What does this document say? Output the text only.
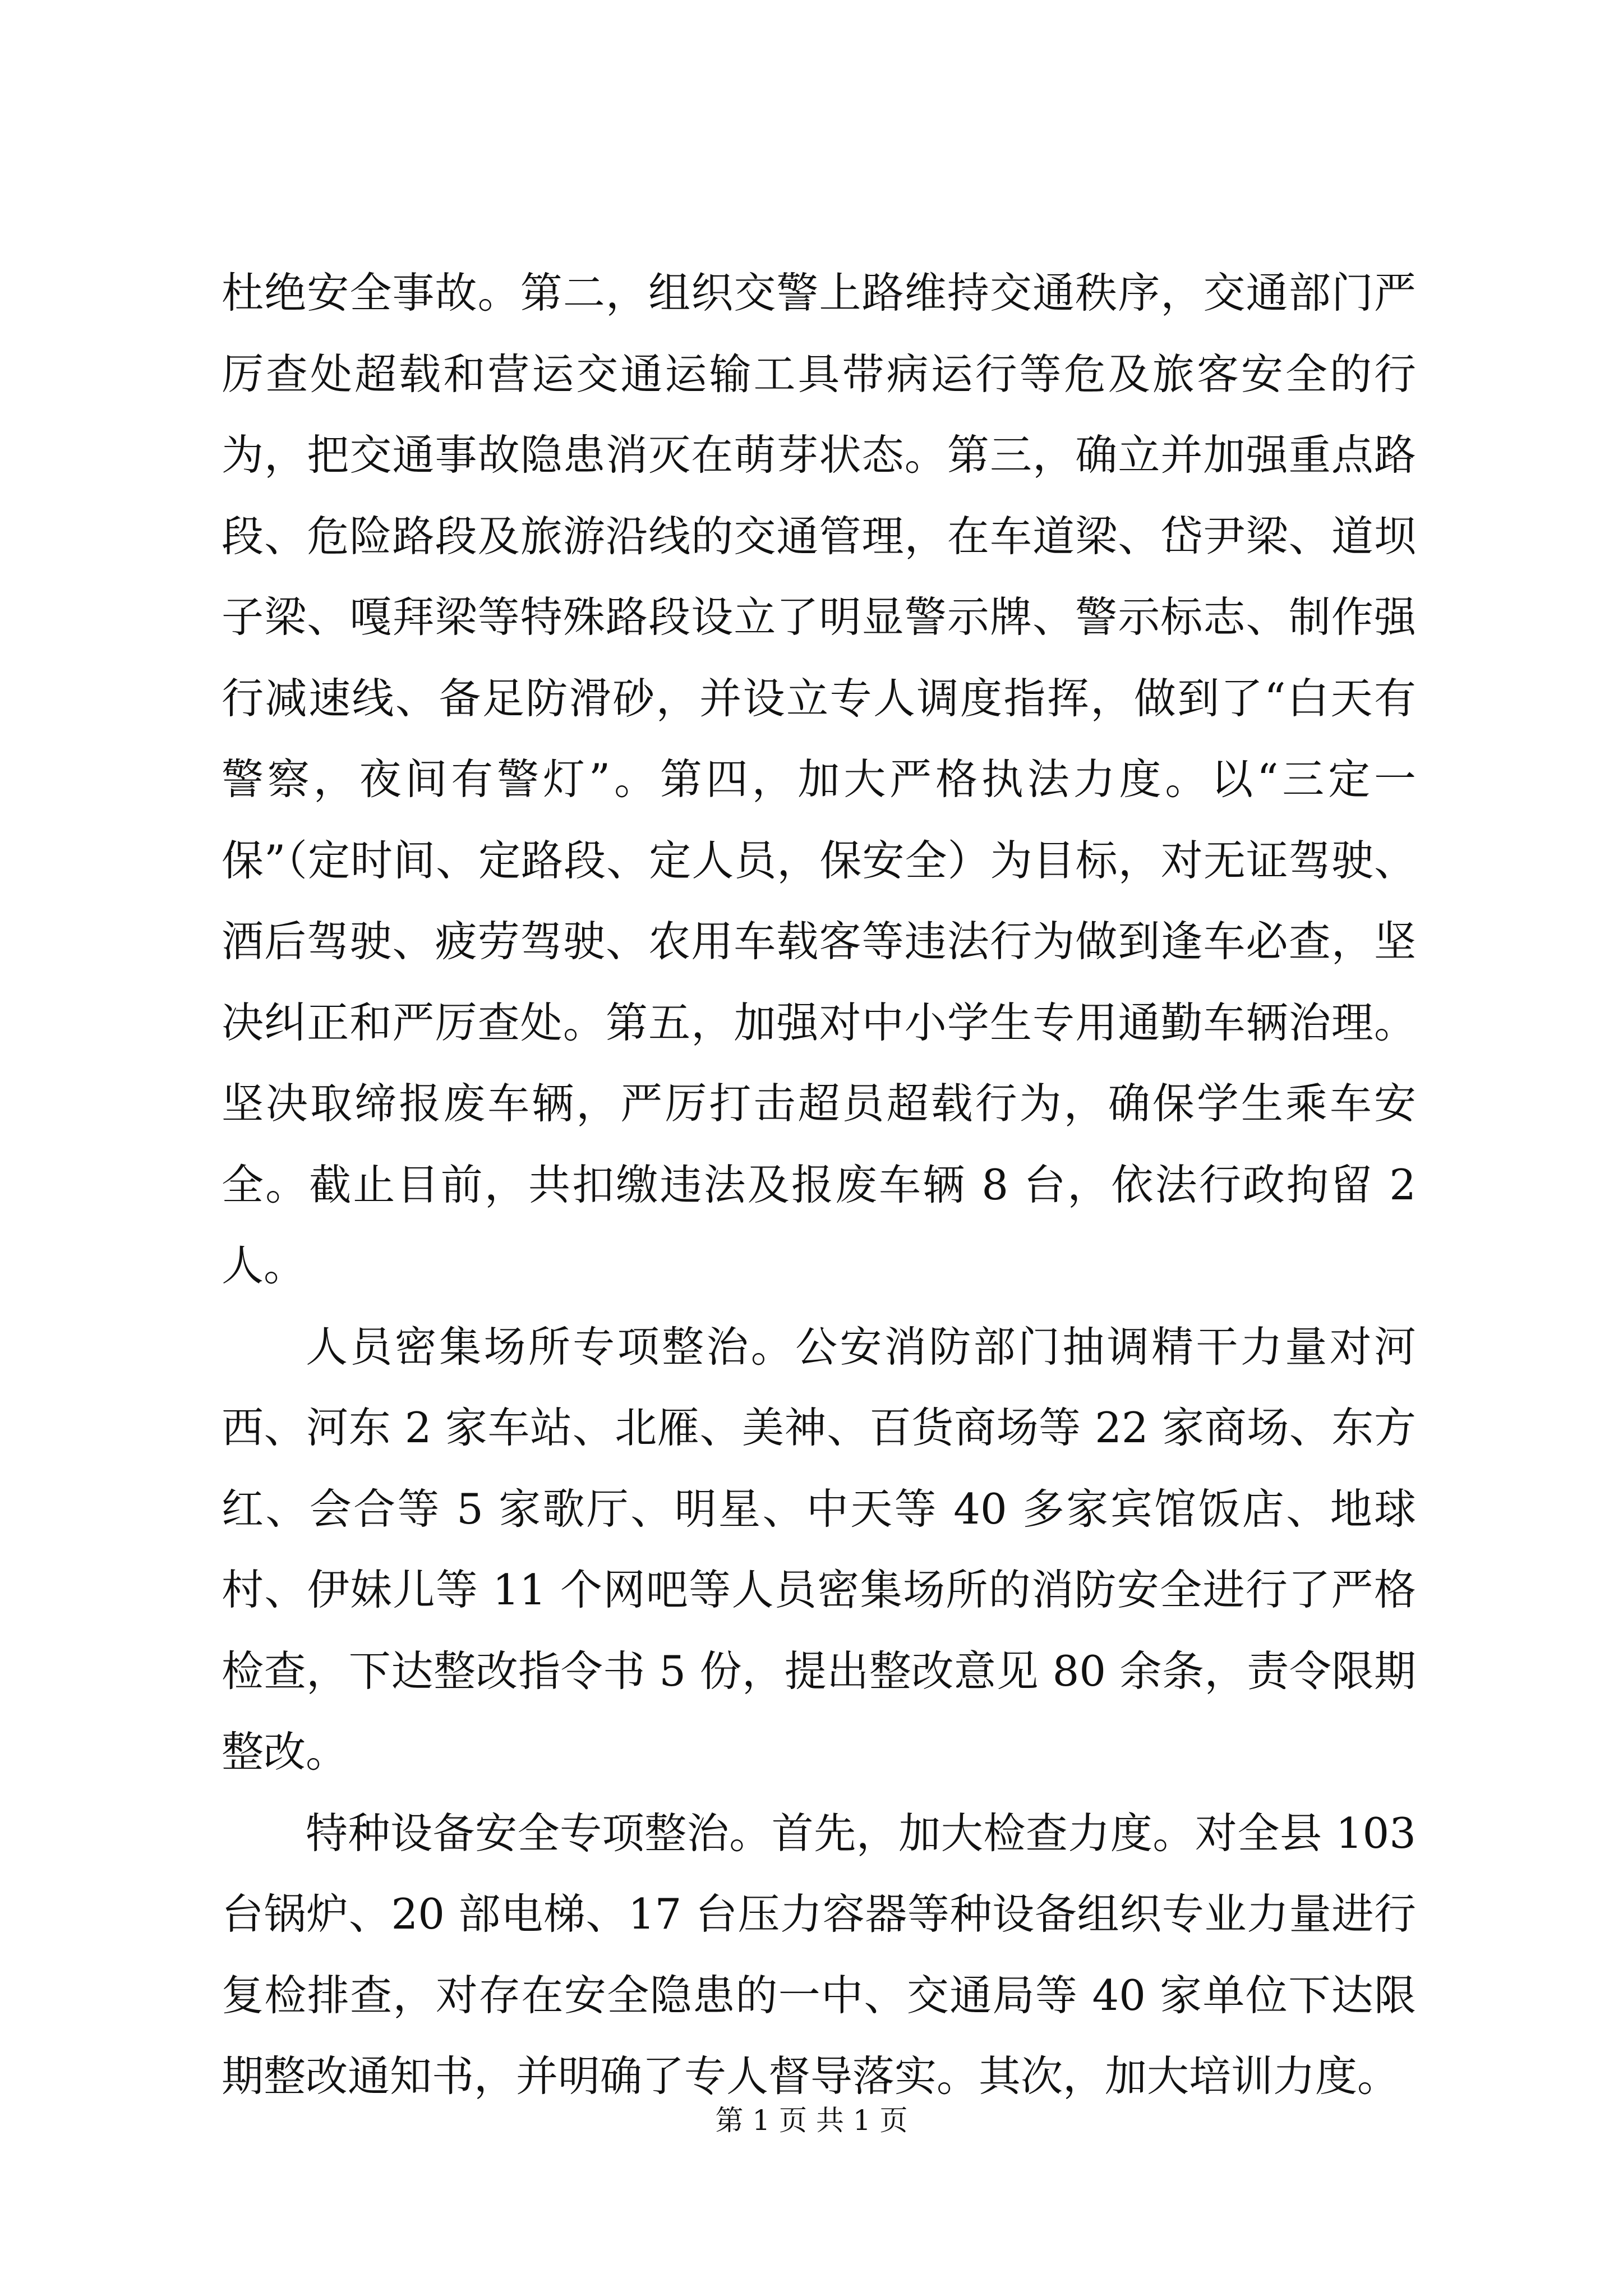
杜绝安全事故。第二，组织交警上路维持交通秩序，交通部门严厉查处超载和营运交通运输工具带病运行等危及旅客安全的行为，把交通事故隐患消灭在萌芽状态。第三，确立并加强重点路段、危险路段及旅游沿线的交通管理，在车道梁、岱尹梁、道坝子梁、嘎拜梁等特殊路段设立了明显警示牌、警示标志、制作强行减速线、备足防滑砂，并设立专人调度指挥，做到了“白天有警察，夜间有警灯”。第四，加大严格执法力度。以“三定一保”（定时间、定路段、定人员，保安全）为目标，对无证驾驶、酒后驾驶、疲劳驾驶、农用车载客等违法行为做到逢车必查，坚决纠正和严厉查处。第五，加强对中小学生专用通勤车辆治理。坚决取缔报废车辆，严厉打击超员超载行为，确保学生乘车安全。截止目前，共扣缴违法及报废车辆 8 台，依法行政拘留 2 人。

人员密集场所专项整治。公安消防部门抽调精干力量对河西、河东 2 家车站、北雁、美神、百货商场等 22 家商场、东方红、会合等 5 家歌厅、明星、中天等 40 多家宾馆饭店、地球村、伊妹儿等 11 个网吧等人员密集场所的消防安全进行了严格检查，下达整改指令书 5 份，提出整改意见 80 余条，责令限期整改。

特种设备安全专项整治。首先，加大检查力度。对全县 103 台锅炉、20 部电梯、17 台压力容器等种设备组织专业力量进行复检排查，对存在安全隐患的一中、交通局等 40 家单位下达限期整改通知书，并明确了专人督导落实。其次，加大培训力度。

第 1 页 共 1 页
